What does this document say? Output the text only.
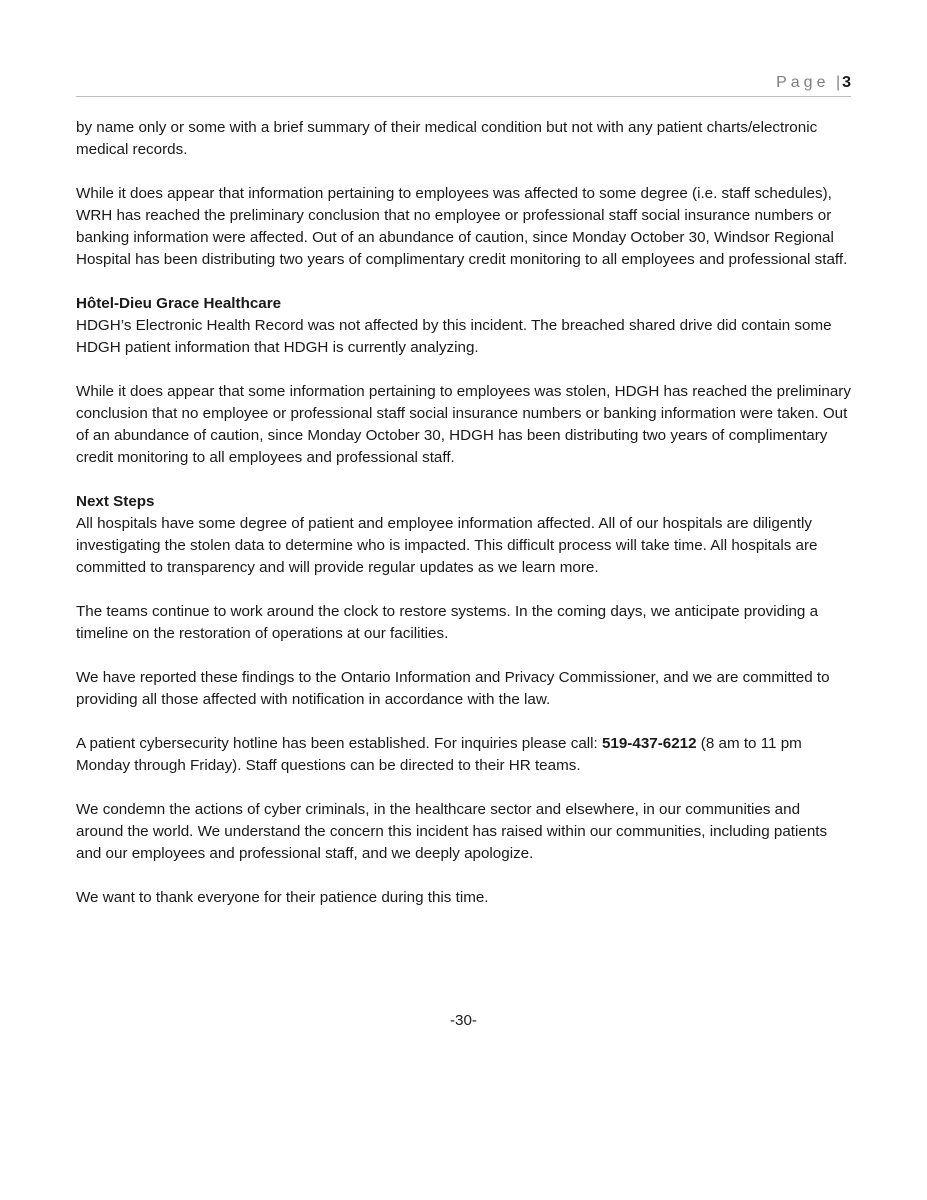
Page | 3

by name only or some with a brief summary of their medical condition but not with any patient charts/electronic medical records.

While it does appear that information pertaining to employees was affected to some degree (i.e. staff schedules), WRH has reached the preliminary conclusion that no employee or professional staff social insurance numbers or banking information were affected. Out of an abundance of caution, since Monday October 30, Windsor Regional Hospital has been distributing two years of complimentary credit monitoring to all employees and professional staff.

Hôtel-Dieu Grace Healthcare
HDGH’s Electronic Health Record was not affected by this incident. The breached shared drive did contain some HDGH patient information that HDGH is currently analyzing.

While it does appear that some information pertaining to employees was stolen, HDGH has reached the preliminary conclusion that no employee or professional staff social insurance numbers or banking information were taken. Out of an abundance of caution, since Monday October 30, HDGH has been distributing two years of complimentary credit monitoring to all employees and professional staff.

Next Steps
All hospitals have some degree of patient and employee information affected. All of our hospitals are diligently investigating the stolen data to determine who is impacted. This difficult process will take time. All hospitals are committed to transparency and will provide regular updates as we learn more.

The teams continue to work around the clock to restore systems. In the coming days, we anticipate providing a timeline on the restoration of operations at our facilities.

We have reported these findings to the Ontario Information and Privacy Commissioner, and we are committed to providing all those affected with notification in accordance with the law.

A patient cybersecurity hotline has been established. For inquiries please call: 519-437-6212 (8 am to 11 pm Monday through Friday). Staff questions can be directed to their HR teams.

We condemn the actions of cyber criminals, in the healthcare sector and elsewhere, in our communities and around the world. We understand the concern this incident has raised within our communities, including patients and our employees and professional staff, and we deeply apologize.

We want to thank everyone for their patience during this time.

-30-
